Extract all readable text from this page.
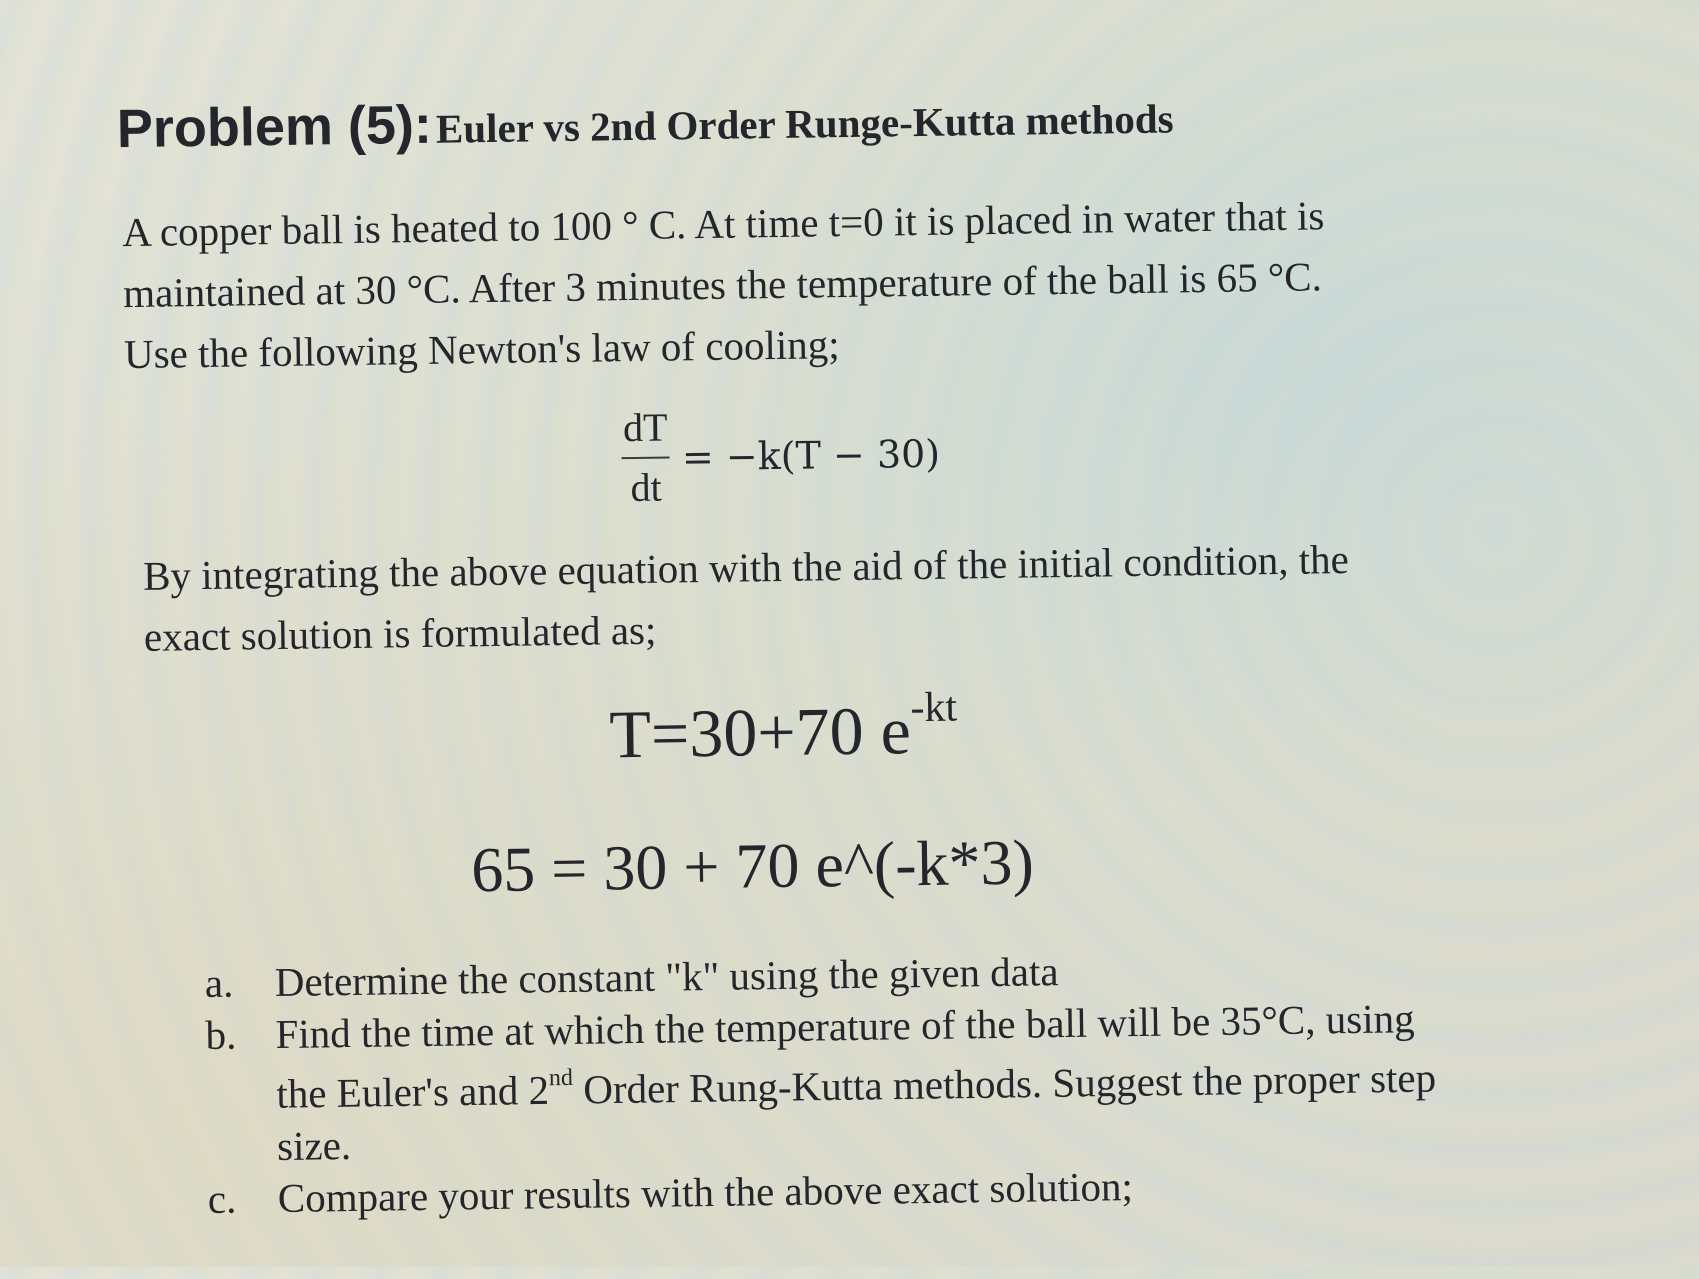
Problem (5): Euler vs 2nd Order Runge-Kutta methods
A copper ball is heated to 100 ° C. At time t=0 it is placed in water that is
maintained at 30 °C. After 3 minutes the temperature of the ball is 65 °C.
Use the following Newton's law of cooling;
$\frac{dT}{dt} = -k(T - 30)$
By integrating the above equation with the aid of the initial condition, the
exact solution is formulated as;
T=30+70 $e^{-kt}$
65 = 30 + 70 e^(-k*3)
a. Determine the constant "k" using the given data
b. Find the time at which the temperature of the ball will be 35°C, using the Euler's and 2nd Order Rung-Kutta methods. Suggest the proper step size.
c. Compare your results with the above exact solution;
